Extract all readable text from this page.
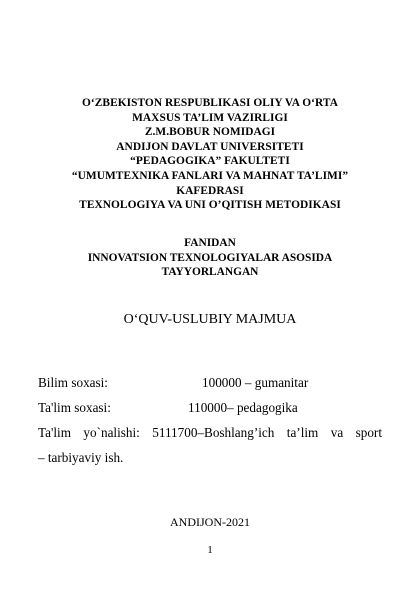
O‘ZBEKISTON RESPUBLIKASI OLIY VA O‘RTA
MAXSUS TA’LIM VAZIRLIGI
Z.M.BOBUR NOMIDAGI
ANDIJON DAVLAT UNIVERSITETI
“PEDAGOGIKA” FAKULTETI
“UMUMTEXNIKA FANLARI VA MAHNAT TA’LIMI”
KAFEDRASI
TEXNOLOGIYA VA UNI O’QITISH METODIKASI
FANIDAN
INNOVATSION TEXNOLOGIYALAR ASOSIDA
TAYYORLANGAN
O‘QUV-USLUBIY MAJMUA
Bilim soxasi:	100000 – gumanitar
Ta'lim soxasi:	110000– pedagogika
Ta'lim yo`nalishi: 5111700–Boshlang’ich ta’lim va sport
– tarbiyaviy ish.
ANDIJON-2021
1
